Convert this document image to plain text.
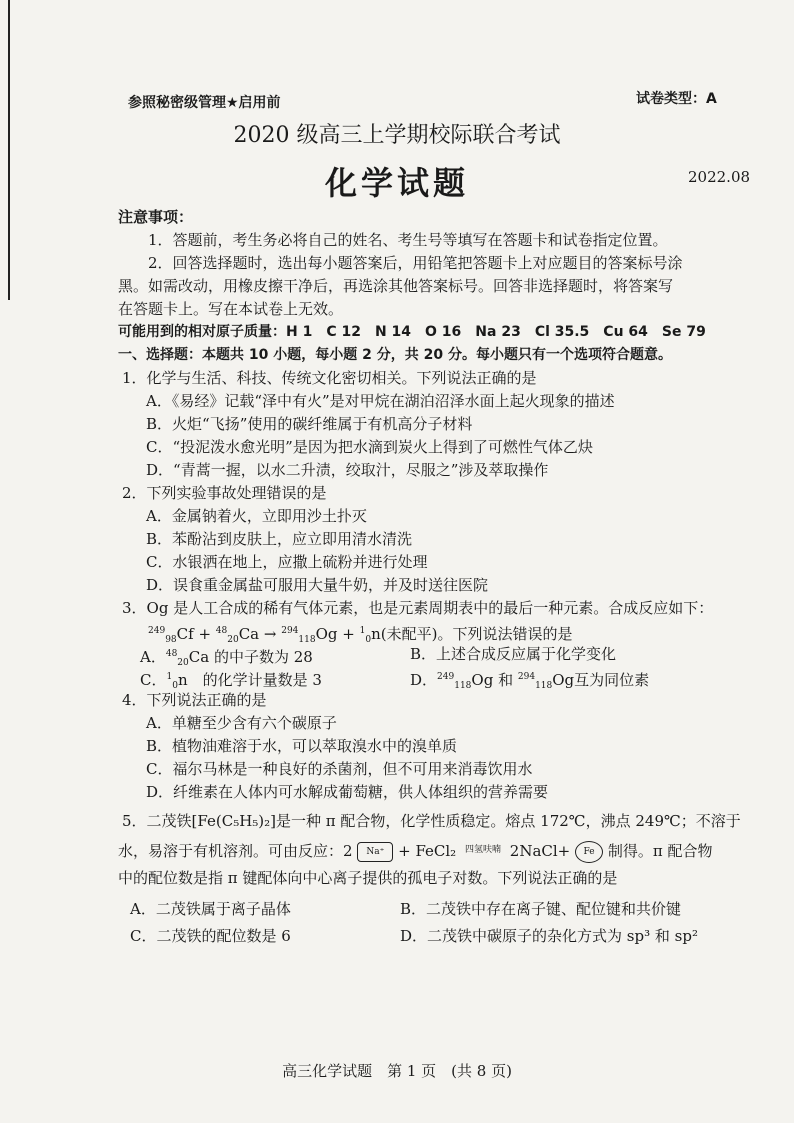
参照秘密级管理★启用前	试卷类型：A
2020 级高三上学期校际联合考试
化学试题	2022.08
注意事项：
1．答题前，考生务必将自己的姓名、考生号等填写在答题卡和试卷指定位置。
2．回答选择题时，选出每小题答案后，用铅笔把答题卡上对应题目的答案标号涂
黑。如需改动，用橡皮擦干净后，再选涂其他答案标号。回答非选择题时，将答案写
在答题卡上。写在本试卷上无效。
可能用到的相对原子质量：H 1　C 12　N 14　O 16　Na 23　Cl 35.5　Cu 64　Se 79
一、选择题：本题共 10 小题，每小题 2 分，共 20 分。每小题只有一个选项符合题意。
1．化学与生活、科技、传统文化密切相关。下列说法正确的是
A．《易经》记载“泽中有火”是对甲烷在湖泊沼泽水面上起火现象的描述
B．火炬“飞扬”使用的碳纤维属于有机高分子材料
C．“投泥泼水愈光明”是因为把水滴到炭火上得到了可燃性气体乙炔
D．“青蒿一握，以水二升渍，绞取汁，尽服之”涉及萃取操作
2．下列实验事故处理错误的是
A．金属钠着火，立即用沙土扑灭
B．苯酚沾到皮肤上，应立即用清水清洗
C．水银洒在地上，应撒上硫粉并进行处理
D．误食重金属盐可服用大量牛奶，并及时送往医院
3．Og 是人工合成的稀有气体元素，也是元素周期表中的最后一种元素。合成反应如下：
$^{249}_{98}$Cf + $^{48}_{20}$Ca → $^{294}_{118}$Og + $^1_0$n(未配平)。下列说法错误的是
A．$^{48}_{20}$Ca 的中子数为 28	B．上述合成反应属于化学变化
C．$^1_0$n　的化学计量数是 3	D．$^{249}_{118}$Og 和 $^{294}_{118}$Og互为同位素
4．下列说法正确的是
A．单糖至少含有六个碳原子
B．植物油难溶于水，可以萃取溴水中的溴单质
C．福尔马林是一种良好的杀菌剂，但不可用来消毒饮用水
D．纤维素在人体内可水解成葡萄糖，供人体组织的营养需要
5．二茂铁[Fe(C₅H₅)₂]是一种 π 配合物，化学性质稳定。熔点 172℃，沸点 249℃；不溶于
水，易溶于有机溶剂。可由反应：2 Na⁺ + FeCl₂ 四氢呋喃 2NaCl+ Fe 制得。π 配合物
中的配位数是指 π 键配体向中心离子提供的孤电子对数。下列说法正确的是
A．二茂铁属于离子晶体	B．二茂铁中存在离子键、配位键和共价键
C．二茂铁的配位数是 6	D．二茂铁中碳原子的杂化方式为 sp³ 和 sp²
高三化学试题　第 1 页　(共 8 页)
